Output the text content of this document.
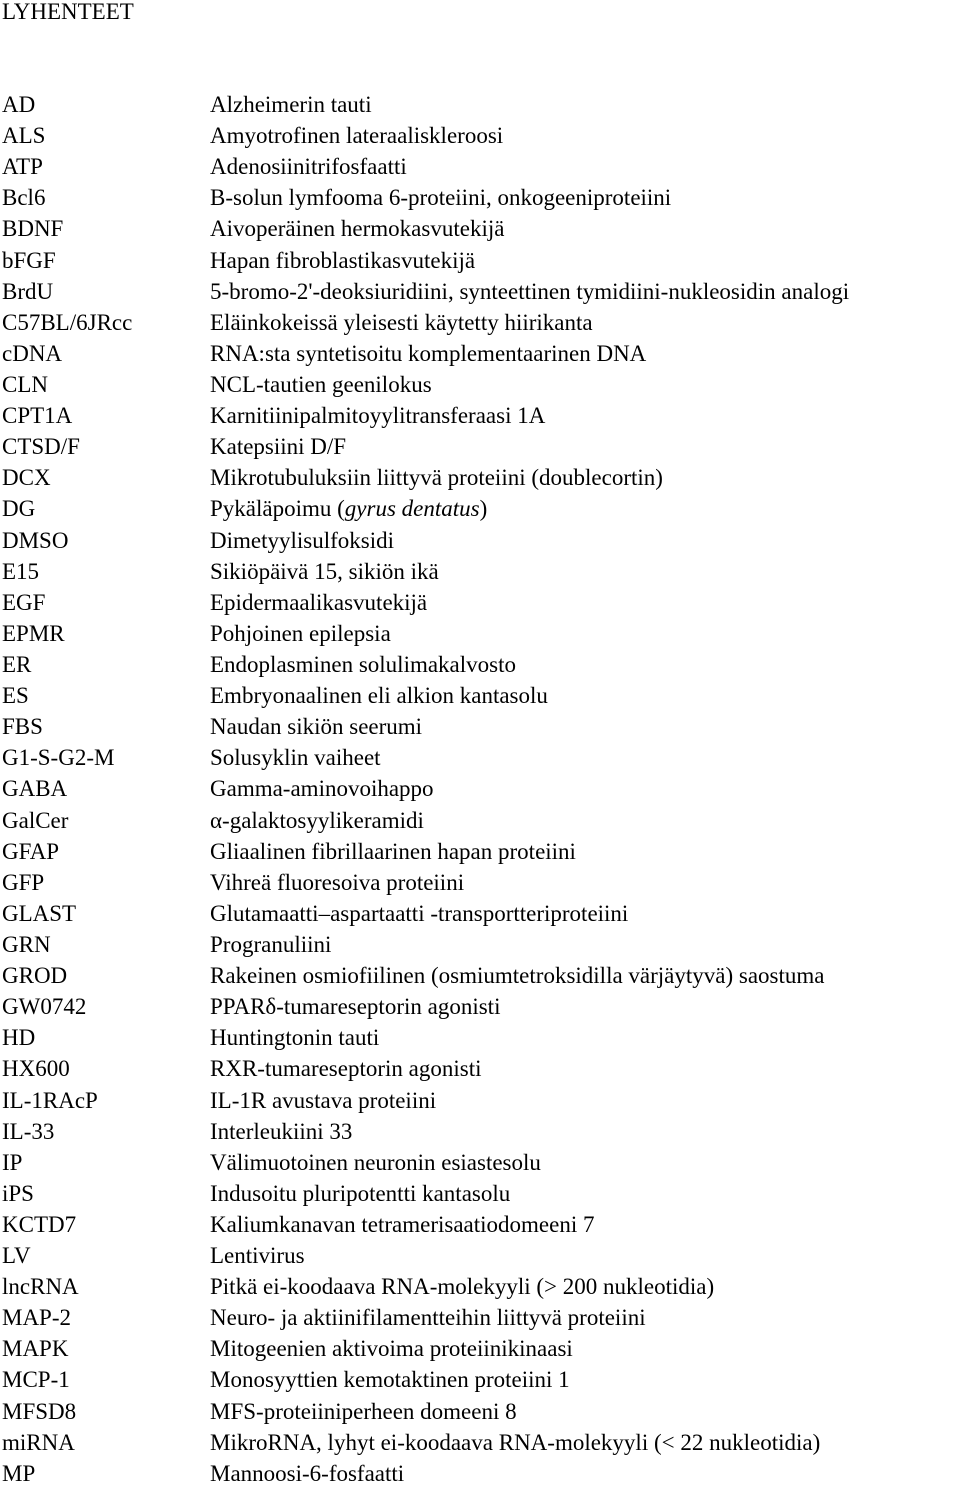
LYHENTEET
AD	Alzheimerin tauti
ALS	Amyotrofinen lateraaliskleroosi
ATP	Adenosiinitrifosfaatti
Bcl6	B-solun lymfooma 6-proteiini, onkogeeniproteiini
BDNF	Aivoperäinen hermokasvutekijä
bFGF	Hapan fibroblastikasvutekijä
BrdU	5-bromo-2'-deoksiuridiini, synteettinen tymidiini-nukleosidin analogi
C57BL/6JRcc	Eläinkokeissä yleisesti käytetty hiirikanta
cDNA	RNA:sta syntetisoitu komplementaarinen DNA
CLN	NCL-tautien geenilokus
CPT1A	Karnitiinipalmitoyylitransferaasi 1A
CTSD/F	Katepsiini D/F
DCX	Mikrotubuluksiin liittyvä proteiini (doublecortin)
DG	Pykäläpoimu (gyrus dentatus)
DMSO	Dimetyylisulfoksidi
E15	Sikiöpäivä 15, sikiön ikä
EGF	Epidermaalikasvutekijä
EPMR	Pohjoinen epilepsia
ER	Endoplasminen solulimakalvosto
ES	Embryonaalinen eli alkion kantasolu
FBS	Naudan sikiön seerumi
G1-S-G2-M	Solusyklin vaiheet
GABA	Gamma-aminovoihappo
GalCer	α-galaktosyylikeramidi
GFAP	Gliaalinen fibrillaarinen hapan proteiini
GFP	Vihreä fluoresoiva proteiini
GLAST	Glutamaatti–aspartaatti -transportteriproteiini
GRN	Progranuliini
GROD	Rakeinen osmiofiilinen (osmiumtetroksidilla värjäytyvä) saostuma
GW0742	PPARδ-tumareseptorin agonisti
HD	Huntingtonin tauti
HX600	RXR-tumareseptorin agonisti
IL-1RAcP	IL-1R avustava proteiini
IL-33	Interleukiini 33
IP	Välimuotoinen neuronin esiastesolu
iPS	Indusoitu pluripotentti kantasolu
KCTD7	Kaliumkanavan tetramerisaatiodomeeni 7
LV	Lentivirus
lncRNA	Pitkä ei-koodaava RNA-molekyyli (> 200 nukleotidia)
MAP-2	Neuro- ja aktiinifilamentteihin liittyvä proteiini
MAPK	Mitogeenien aktivoima proteiinikinaasi
MCP-1	Monosyyttien kemotaktinen proteiini 1
MFSD8	MFS-proteiiniperheen domeeni 8
miRNA	MikroRNA, lyhyt ei-koodaava RNA-molekyyli (< 22 nukleotidia)
MP	Mannoosi-6-fosfaatti
